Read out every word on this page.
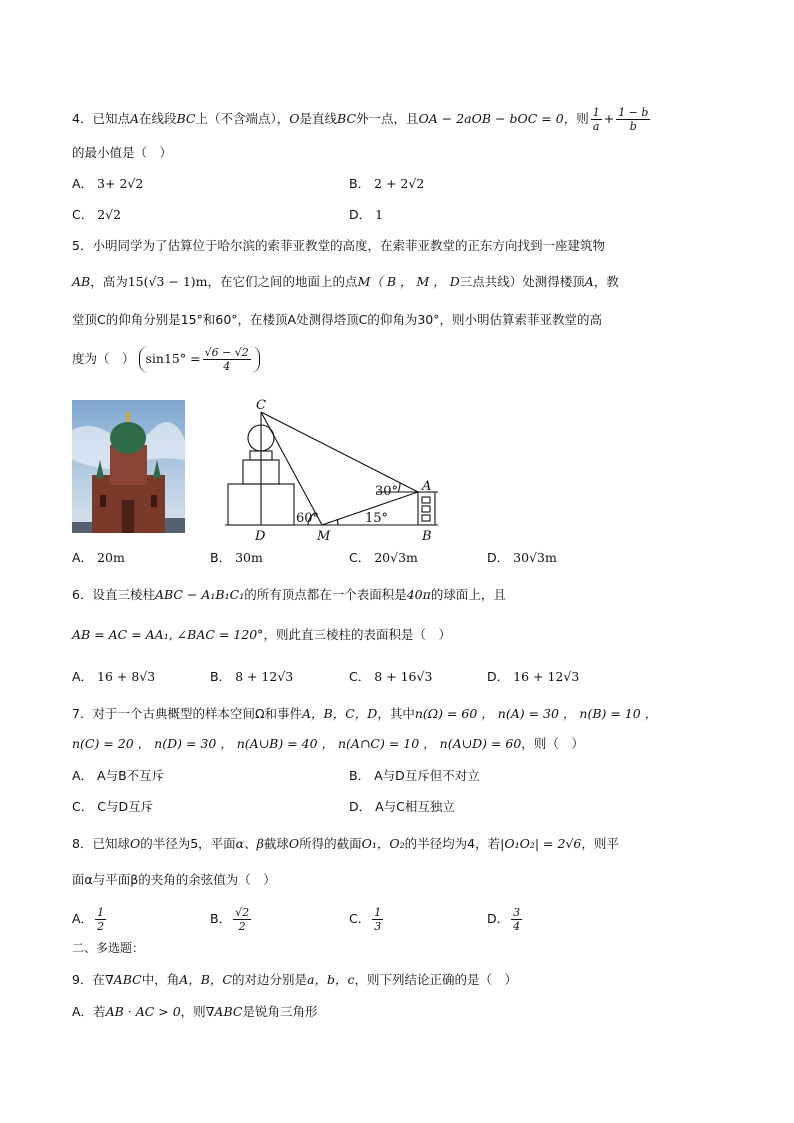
4．已知点A在线段BC上（不含端点），O是直线BC外一点，且OA − 2aOB − bOC = 0，则 $\frac{1}{a} + \frac{1 - b}{b}$
的最小值是（　）
A． 3+ 2√2	B． 2 + 2√2
C． 2√2	D． 1
5．小明同学为了估算位于哈尔滨的索菲亚教堂的高度，在索菲亚教堂的正东方向找到一座建筑物
AB，高为15(√3 − 1)m，在它们之间的地面上的点M（ B ， M ， D三点共线）处测得楼顶A，教
堂顶C的仰角分别是15°和60°，在楼顶A处测得塔顶C的仰角为30°，则小明估算索菲亚教堂的高
度为（　） $\sin 15^\circ = \frac{√6 - √2}{4}$
C
A
D	M	B
30°
60°	15°
A． 20m	B． 30m	C． 20√3m	D． 30√3m
6．设直三棱柱ABC − A₁B₁C₁的所有顶点都在一个表面积是40π的球面上，且
AB = AC = AA₁, ∠BAC = 120°，则此直三棱柱的表面积是（　）
A． 16 + 8√3	B． 8 + 12√3	C． 8 + 16√3	D． 16 + 12√3
7．对于一个古典概型的样本空间Ω和事件A，B，C，D，其中n(Ω) = 60 ， n(A) = 30 ， n(B) = 10 ，
n(C) = 20 ， n(D) = 30 ， n(A∪B) = 40 ， n(A∩C) = 10 ， n(A∪D) = 60，则（　）
A． A与B不互斥	B． A与D互斥但不对立
C． C与D互斥	D． A与C相互独立
8．已知球O的半径为5，平面α、β截球O所得的截面O₁，O₂的半径均为4，若|O₁O₂| = 2√6，则平
面α与平面β的夹角的余弦值为（　）
A． $\frac{1}{2}$	B． $\frac{√2}{2}$	C． $\frac{1}{3}$	D． $\frac{3}{4}$
二、多选题：
9．在∇ABC中，角A，B，C的对边分别是a，b，c，则下列结论正确的是（　）
A．若AB · AC > 0，则∇ABC是锐角三角形
